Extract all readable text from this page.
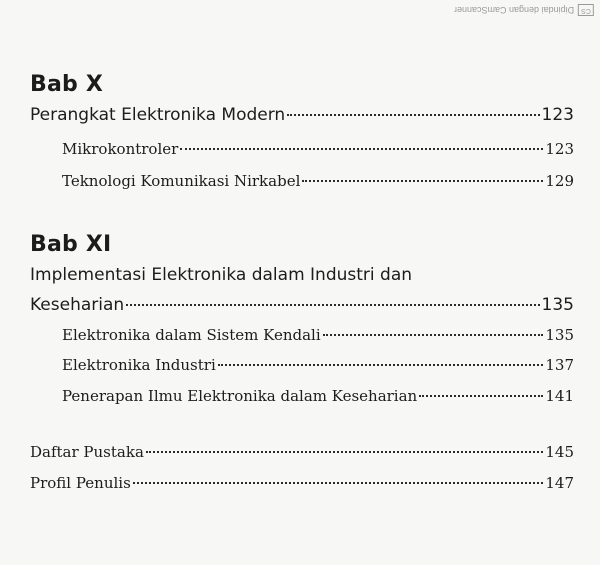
CS
Dipindai dengan CamScanner
Bab X
Perangkat Elektronika Modern	123
Mikrokontroler	123
Teknologi Komunikasi Nirkabel	129
Bab XI
Implementasi Elektronika dalam Industri dan
Keseharian	135
Elektronika dalam Sistem Kendali	135
Elektronika Industri	137
Penerapan Ilmu Elektronika dalam Keseharian	141
Daftar Pustaka	145
Profil Penulis	147
